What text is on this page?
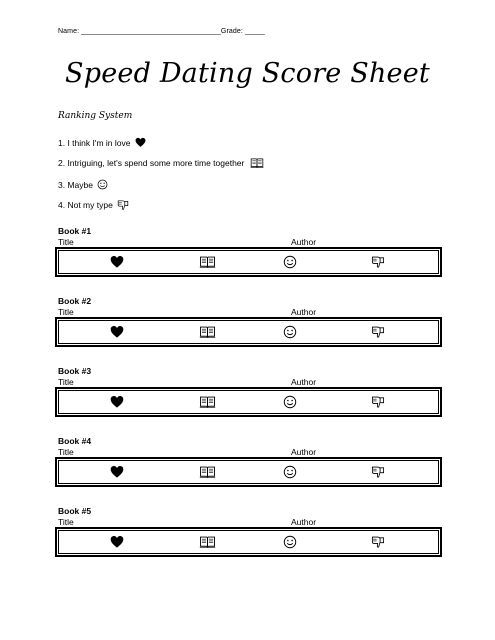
Name: ___________________________________Grade: _____
Speed Dating Score Sheet
Ranking System
1. I think I'm in love
2. Intriguing, let's spend some more time together
3. Maybe
4. Not my type
Book #1
Title	Author
Book #2
Title	Author
Book #3
Title	Author
Book #4
Title	Author
Book #5
Title	Author
